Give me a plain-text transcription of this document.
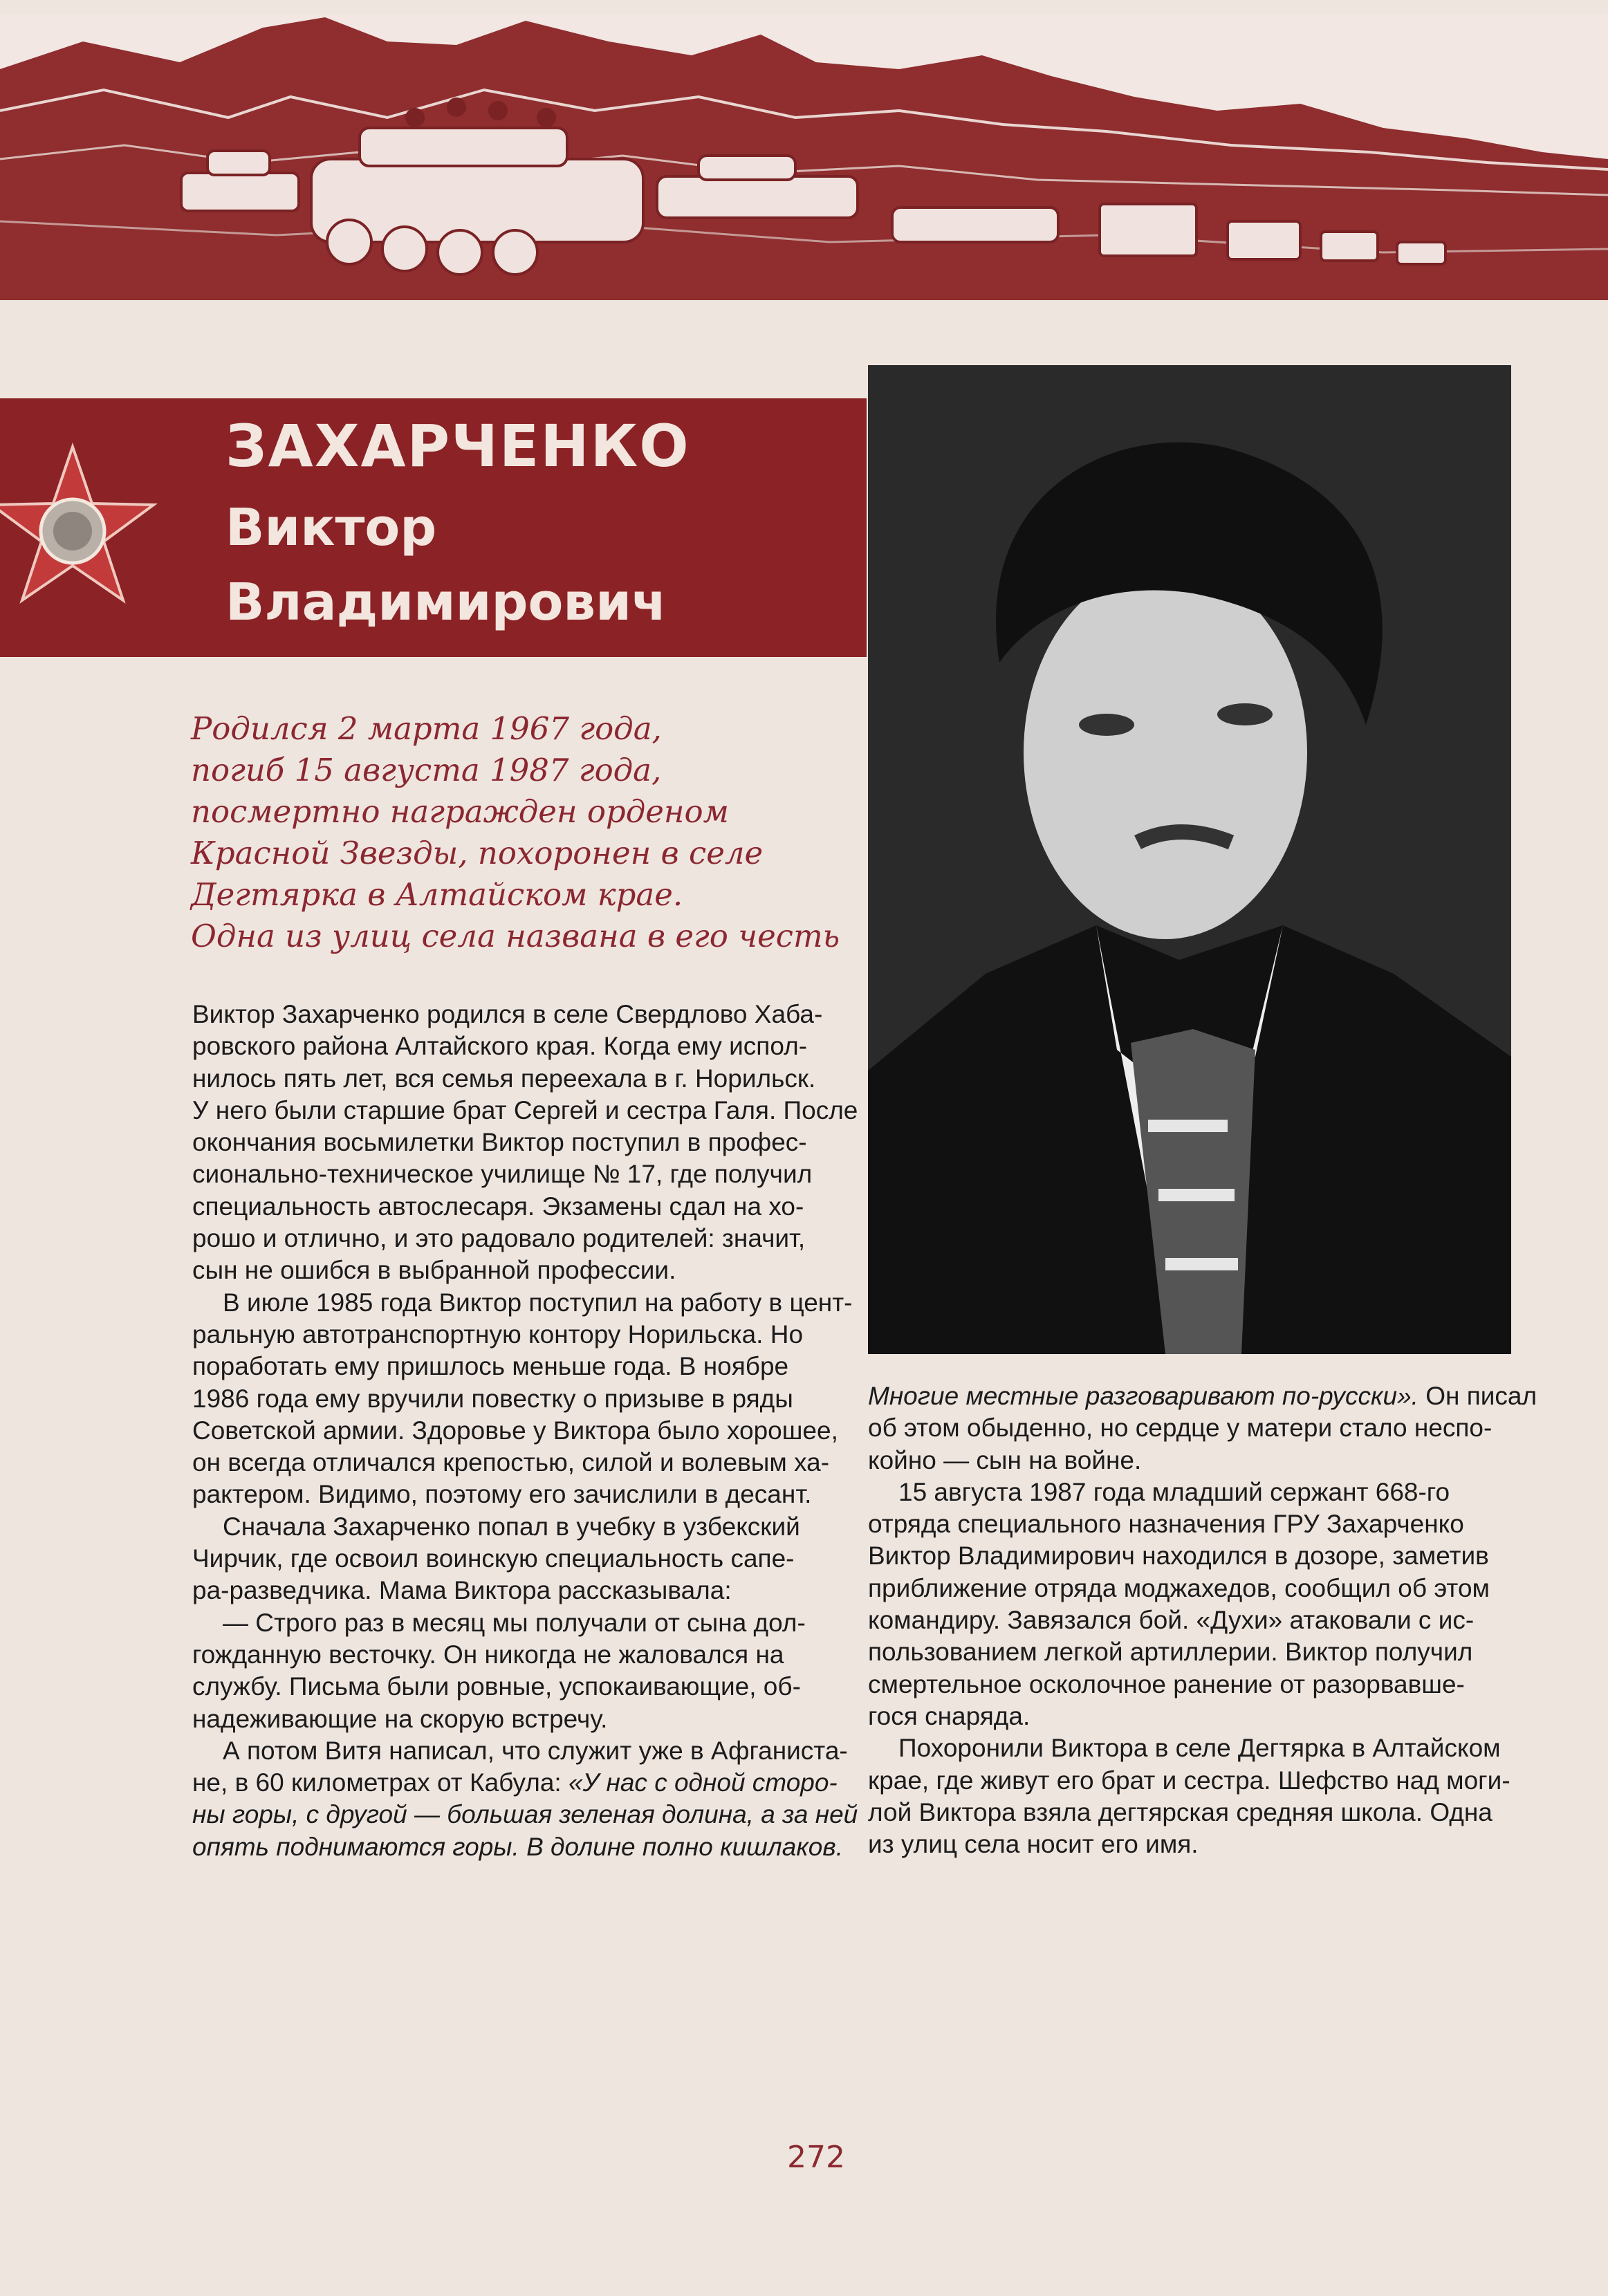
ЗАХАРЧЕНКО
Виктор
Владимирович
Родился 2 марта 1967 года,
погиб 15 августа 1987 года,
посмертно награжден орденом
Красной Звезды, похоронен в селе
Дегтярка в Алтайском крае.
Одна из улиц села названа в его честь
Виктор Захарченко родился в селе Свердлово Хаба-
ровского района Алтайского края. Когда ему испол-
нилось пять лет, вся семья переехала в г. Норильск.
У него были старшие брат Сергей и сестра Галя. После
окончания восьмилетки Виктор поступил в профес-
сионально-техническое училище № 17, где получил
специальность автослесаря. Экзамены сдал на хо-
рошо и отлично, и это радовало родителей: значит,
сын не ошибся в выбранной профессии.
В июле 1985 года Виктор поступил на работу в цент-
ральную автотранспортную контору Норильска. Но
поработать ему пришлось меньше года. В ноябре
1986 года ему вручили повестку о призыве в ряды
Советской армии. Здоровье у Виктора было хорошее,
он всегда отличался крепостью, силой и волевым ха-
рактером. Видимо, поэтому его зачислили в десант.
Сначала Захарченко попал в учебку в узбекский
Чирчик, где освоил воинскую специальность сапе-
ра-разведчика. Мама Виктора рассказывала:
— Строго раз в месяц мы получали от сына дол-
гожданную весточку. Он никогда не жаловался на
службу. Письма были ровные, успокаивающие, об-
надеживающие на скорую встречу.
А потом Витя написал, что служит уже в Афганиста-
не, в 60 километрах от Кабула: «У нас с одной сторо-
ны горы, с другой — большая зеленая долина, а за ней
опять поднимаются горы. В долине полно кишлаков.
Многие местные разговаривают по-русски». Он писал
об этом обыденно, но сердце у матери стало неспо-
койно — сын на войне.
15 августа 1987 года младший сержант 668-го
отряда специального назначения ГРУ Захарченко
Виктор Владимирович находился в дозоре, заметив
приближение отряда моджахедов, сообщил об этом
командиру. Завязался бой. «Духи» атаковали с ис-
пользованием легкой артиллерии. Виктор получил
смертельное осколочное ранение от разорвавше-
гося снаряда.
Похоронили Виктора в селе Дегтярка в Алтайском
крае, где живут его брат и сестра. Шефство над моги-
лой Виктора взяла дегтярская средняя школа. Одна
из улиц села носит его имя.
272
